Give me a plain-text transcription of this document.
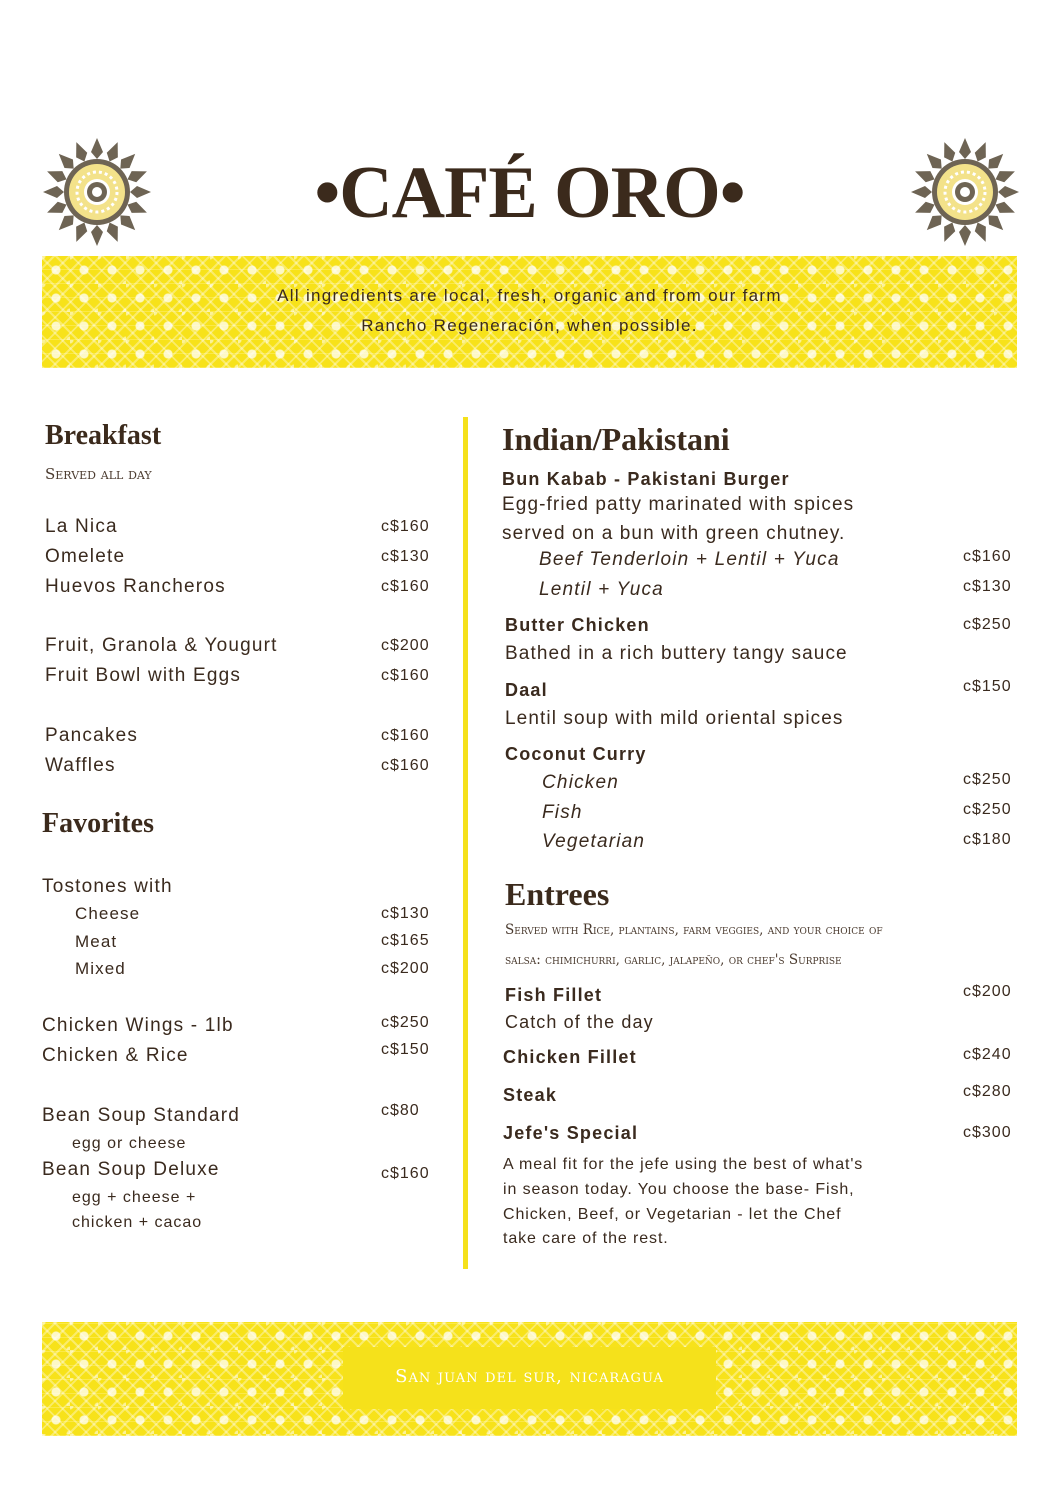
•CAFÉ ORO•
All ingredients are local, fresh, organic and from our farm
Rancho Regeneración, when possible.
Breakfast
Served all day
La Nica	c$160
Omelete	c$130
Huevos Rancheros	c$160
Fruit, Granola & Yougurt	c$200
Fruit Bowl with Eggs	c$160
Pancakes	c$160
Waffles	c$160
Favorites
Tostones with
Cheese	c$130
Meat	c$165
Mixed	c$200
Chicken Wings - 1lb	c$250
Chicken & Rice	c$150
Bean Soup Standard	c$80
egg or cheese
Bean Soup Deluxe	c$160
egg + cheese +
chicken + cacao
Indian/Pakistani
Bun Kabab - Pakistani Burger
Egg-fried patty marinated with spices
served on a bun with green chutney.
Beef Tenderloin + Lentil + Yuca	c$160
Lentil + Yuca	c$130
Butter Chicken	c$250
Bathed in a rich buttery tangy sauce
Daal	c$150
Lentil soup with mild oriental spices
Coconut Curry
Chicken	c$250
Fish	c$250
Vegetarian	c$180
Entrees
Served with Rice, plantains, farm veggies, and your choice of
salsa: chimichurri, garlic, jalapeño, or chef's Surprise
Fish Fillet	c$200
Catch of the day
Chicken Fillet	c$240
Steak	c$280
Jefe's Special	c$300
A meal fit for the jefe using the best of what's
in season today. You choose the base- Fish,
Chicken, Beef, or Vegetarian - let the Chef
take care of the rest.
San juan del sur, nicaragua
